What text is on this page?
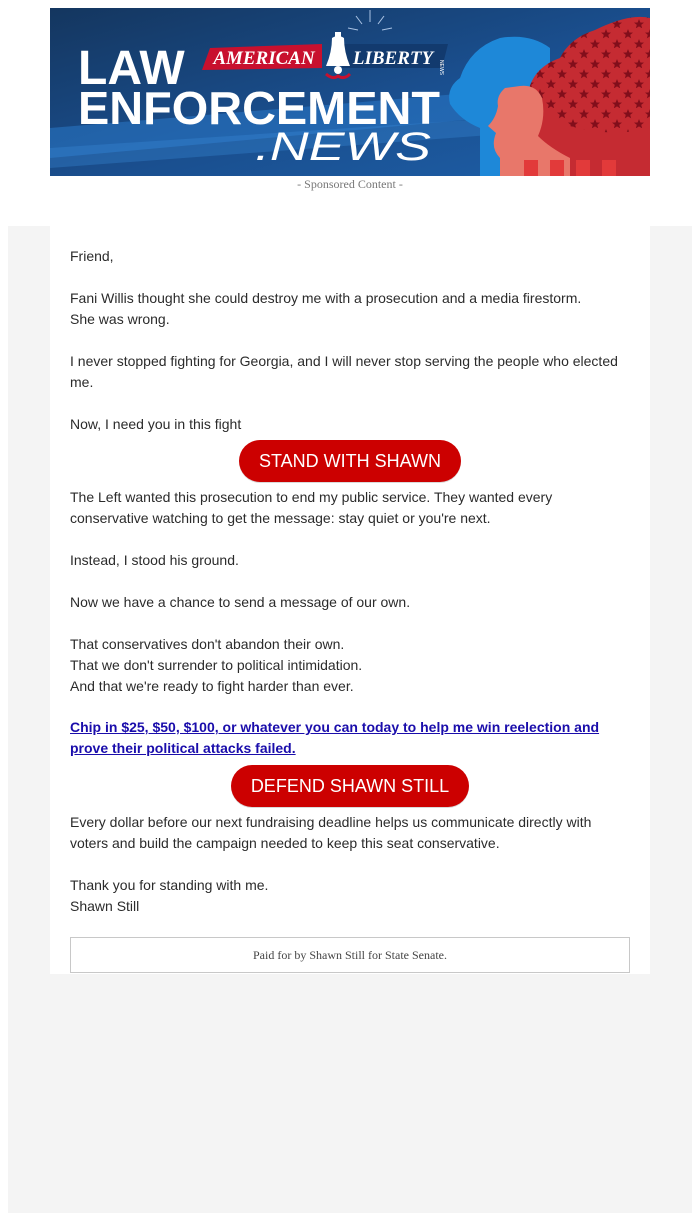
AMERICAN LIBERTY NEWS
LAW
ENFORCEMENT
.NEWS
- Sponsored Content -

Friend,

Fani Willis thought she could destroy me with a prosecution and a media firestorm.
She was wrong.

I never stopped fighting for Georgia, and I will never stop serving the people who elected me.

Now, I need you in this fight

STAND WITH SHAWN

The Left wanted this prosecution to end my public service. They wanted every conservative watching to get the message: stay quiet or you're next.

Instead, I stood his ground.

Now we have a chance to send a message of our own.

That conservatives don't abandon their own.
That we don't surrender to political intimidation.
And that we're ready to fight harder than ever.

Chip in $25, $50, $100, or whatever you can today to help me win reelection and prove their political attacks failed.
DEFEND SHAWN STILL

Every dollar before our next fundraising deadline helps us communicate directly with voters and build the campaign needed to keep this seat conservative.

Thank you for standing with me.
Shawn Still

Paid for by Shawn Still for State Senate.
